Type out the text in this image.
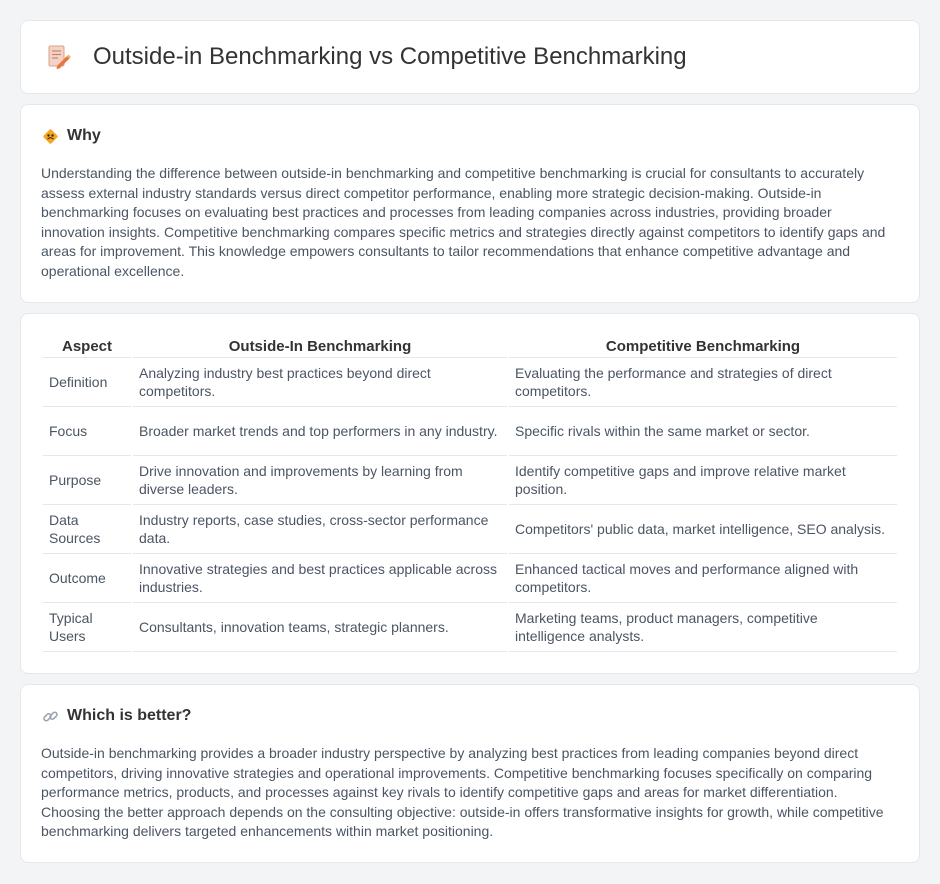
Outside-in Benchmarking vs Competitive Benchmarking
Why

Understanding the difference between outside-in benchmarking and competitive benchmarking is crucial for consultants to accurately assess external industry standards versus direct competitor performance, enabling more strategic decision-making. Outside-in benchmarking focuses on evaluating best practices and processes from leading companies across industries, providing broader innovation insights. Competitive benchmarking compares specific metrics and strategies directly against competitors to identify gaps and areas for improvement. This knowledge empowers consultants to tailor recommendations that enhance competitive advantage and operational excellence.

Aspect	Outside-In Benchmarking	Competitive Benchmarking
Definition	Analyzing industry best practices beyond direct competitors.	Evaluating the performance and strategies of direct competitors.
Focus	Broader market trends and top performers in any industry.	Specific rivals within the same market or sector.
Purpose	Drive innovation and improvements by learning from diverse leaders.	Identify competitive gaps and improve relative market position.
Data Sources	Industry reports, case studies, cross-sector performance data.	Competitors' public data, market intelligence, SEO analysis.
Outcome	Innovative strategies and best practices applicable across industries.	Enhanced tactical moves and performance aligned with competitors.
Typical Users	Consultants, innovation teams, strategic planners.	Marketing teams, product managers, competitive intelligence analysts.
Which is better?

Outside-in benchmarking provides a broader industry perspective by analyzing best practices from leading companies beyond direct competitors, driving innovative strategies and operational improvements. Competitive benchmarking focuses specifically on comparing performance metrics, products, and processes against key rivals to identify competitive gaps and areas for market differentiation. Choosing the better approach depends on the consulting objective: outside-in offers transformative insights for growth, while competitive benchmarking delivers targeted enhancements within market positioning.
